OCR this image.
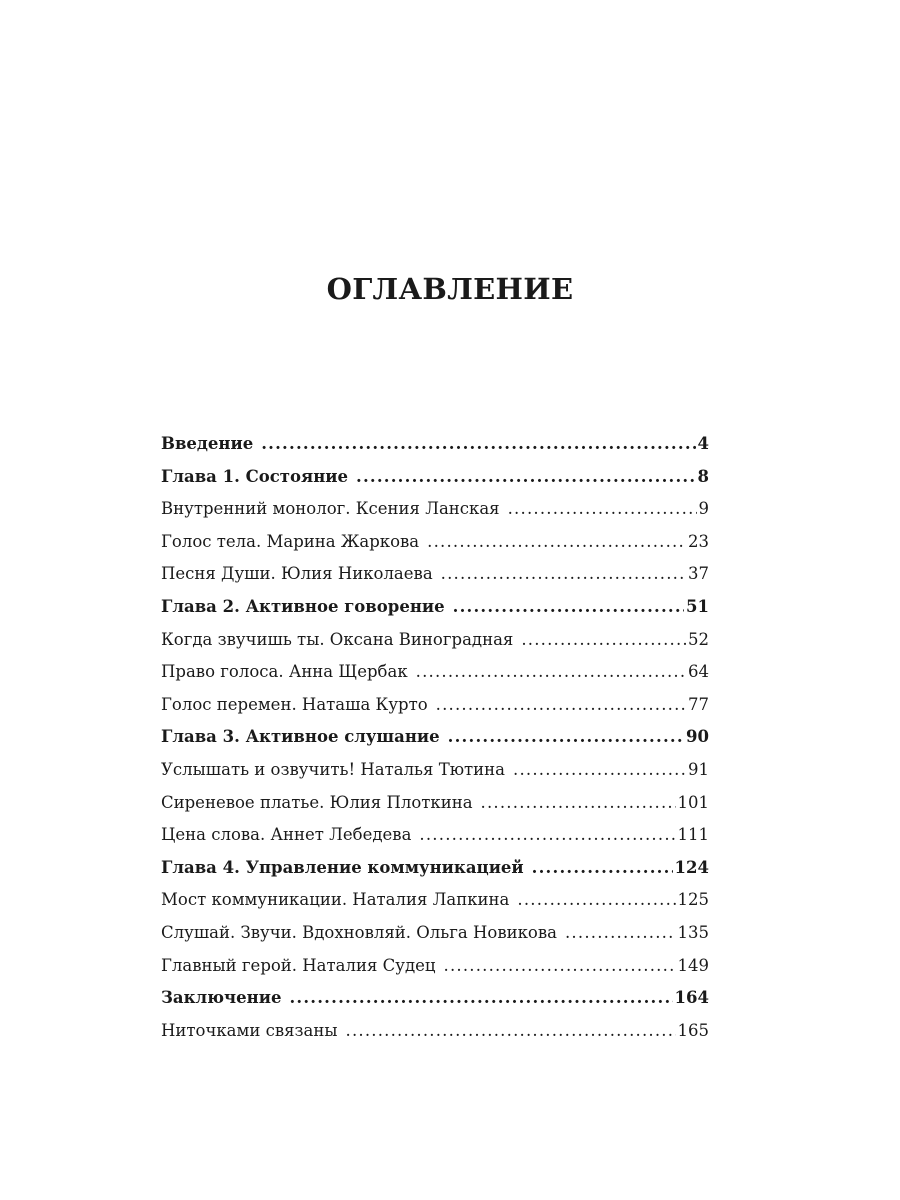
ОГЛАВЛЕНИЕ
Введение .....	4
Глава 1. Состояние .....	8
Внутренний монолог. Ксения Ланская .....	9
Голос тела. Марина Жаркова .....	23
Песня Души. Юлия Николаева .....	37
Глава 2. Активное говорение .....	51
Когда звучишь ты. Оксана Виноградная .....	52
Право голоса. Анна Щербак .....	64
Голос перемен. Наташа Курто .....	77
Глава 3. Активное слушание .....	90
Услышать и озвучить! Наталья Тютина .....	91
Сиреневое платье. Юлия Плоткина .....	101
Цена слова. Аннет Лебедева .....	111
Глава 4. Управление коммуникацией .....	124
Мост коммуникации. Наталия Лапкина .....	125
Слушай. Звучи. Вдохновляй. Ольга Новикова .....	135
Главный герой. Наталия Судец .....	149
Заключение .....	164
Ниточками связаны .....	165
